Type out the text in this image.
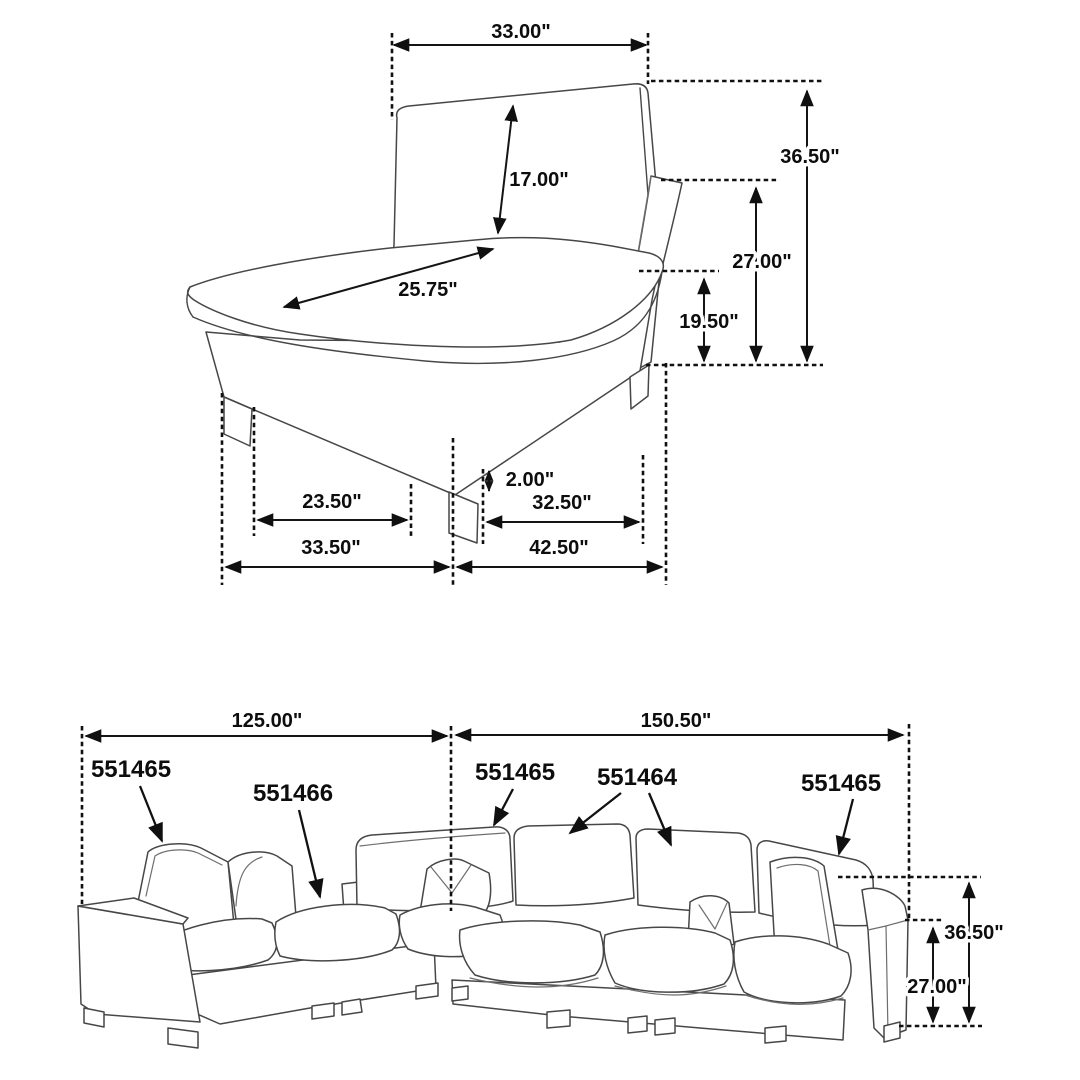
33.00"
17.00"
25.75"
36.50"
27.00"
19.50"
2.00"
23.50"	32.50"
33.50"	42.50"
125.00"	150.50"
36.50"
27.00"
551465
551466
551465 551464	551465
